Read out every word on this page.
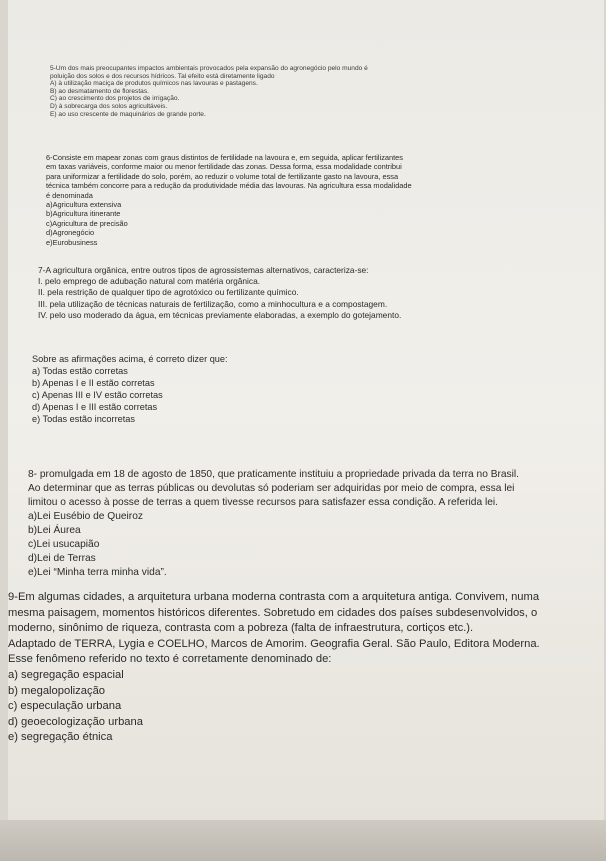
5-Um dos mais preocupantes impactos ambientais provocados pela expansão do agronegócio pelo mundo é
poluição dos solos e dos recursos hídricos. Tal efeito está diretamente ligado
A) à utilização maciça de produtos químicos nas lavouras e pastagens.
B) ao desmatamento de florestas.
C) ao crescimento dos projetos de irrigação.
D) à sobrecarga dos solos agricultáveis.
E) ao uso crescente de maquinários de grande porte.
6-Consiste em mapear zonas com graus distintos de fertilidade na lavoura e, em seguida, aplicar fertilizantes
em taxas variáveis, conforme maior ou menor fertilidade das zonas. Dessa forma, essa modalidade contribui
para uniformizar a fertilidade do solo, porém, ao reduzir o volume total de fertilizante gasto na lavoura, essa
técnica também concorre para a redução da produtividade média das lavouras. Na agricultura essa modalidade
é denominada
a)Agricultura extensiva
b)Agricultura itinerante
c)Agricultura de precisão
d)Agronegócio
e)Eurobusiness
7-A agricultura orgânica, entre outros tipos de agrossistemas alternativos, caracteriza-se:
I. pelo emprego de adubação natural com matéria orgânica.
II. pela restrição de qualquer tipo de agrotóxico ou fertilizante químico.
III. pela utilização de técnicas naturais de fertilização, como a minhocultura e a compostagem.
IV. pelo uso moderado da água, em técnicas previamente elaboradas, a exemplo do gotejamento.
Sobre as afirmações acima, é correto dizer que:
a) Todas estão corretas
b) Apenas I e II estão corretas
c) Apenas III e IV estão corretas
d) Apenas I e III estão corretas
e) Todas estão incorretas
8- promulgada em 18 de agosto de 1850, que praticamente instituiu a propriedade privada da terra no Brasil.
Ao determinar que as terras públicas ou devolutas só poderiam ser adquiridas por meio de compra, essa lei
limitou o acesso à posse de terras a quem tivesse recursos para satisfazer essa condição. A referida lei.
a)Lei Eusébio de Queiroz
b)Lei Áurea
c)Lei usucapião
d)Lei de Terras
e)Lei “Minha terra minha vida”.
9-Em algumas cidades, a arquitetura urbana moderna contrasta com a arquitetura antiga. Convivem, numa
mesma paisagem, momentos históricos diferentes. Sobretudo em cidades dos países subdesenvolvidos, o
moderno, sinônimo de riqueza, contrasta com a pobreza (falta de infraestrutura, cortiços etc.).
Adaptado de TERRA, Lygia e COELHO, Marcos de Amorim. Geografia Geral. São Paulo, Editora Moderna.
Esse fenômeno referido no texto é corretamente denominado de:
a) segregação espacial
b) megalopolização
c) especulação urbana
d) geoecologização urbana
e) segregação étnica
